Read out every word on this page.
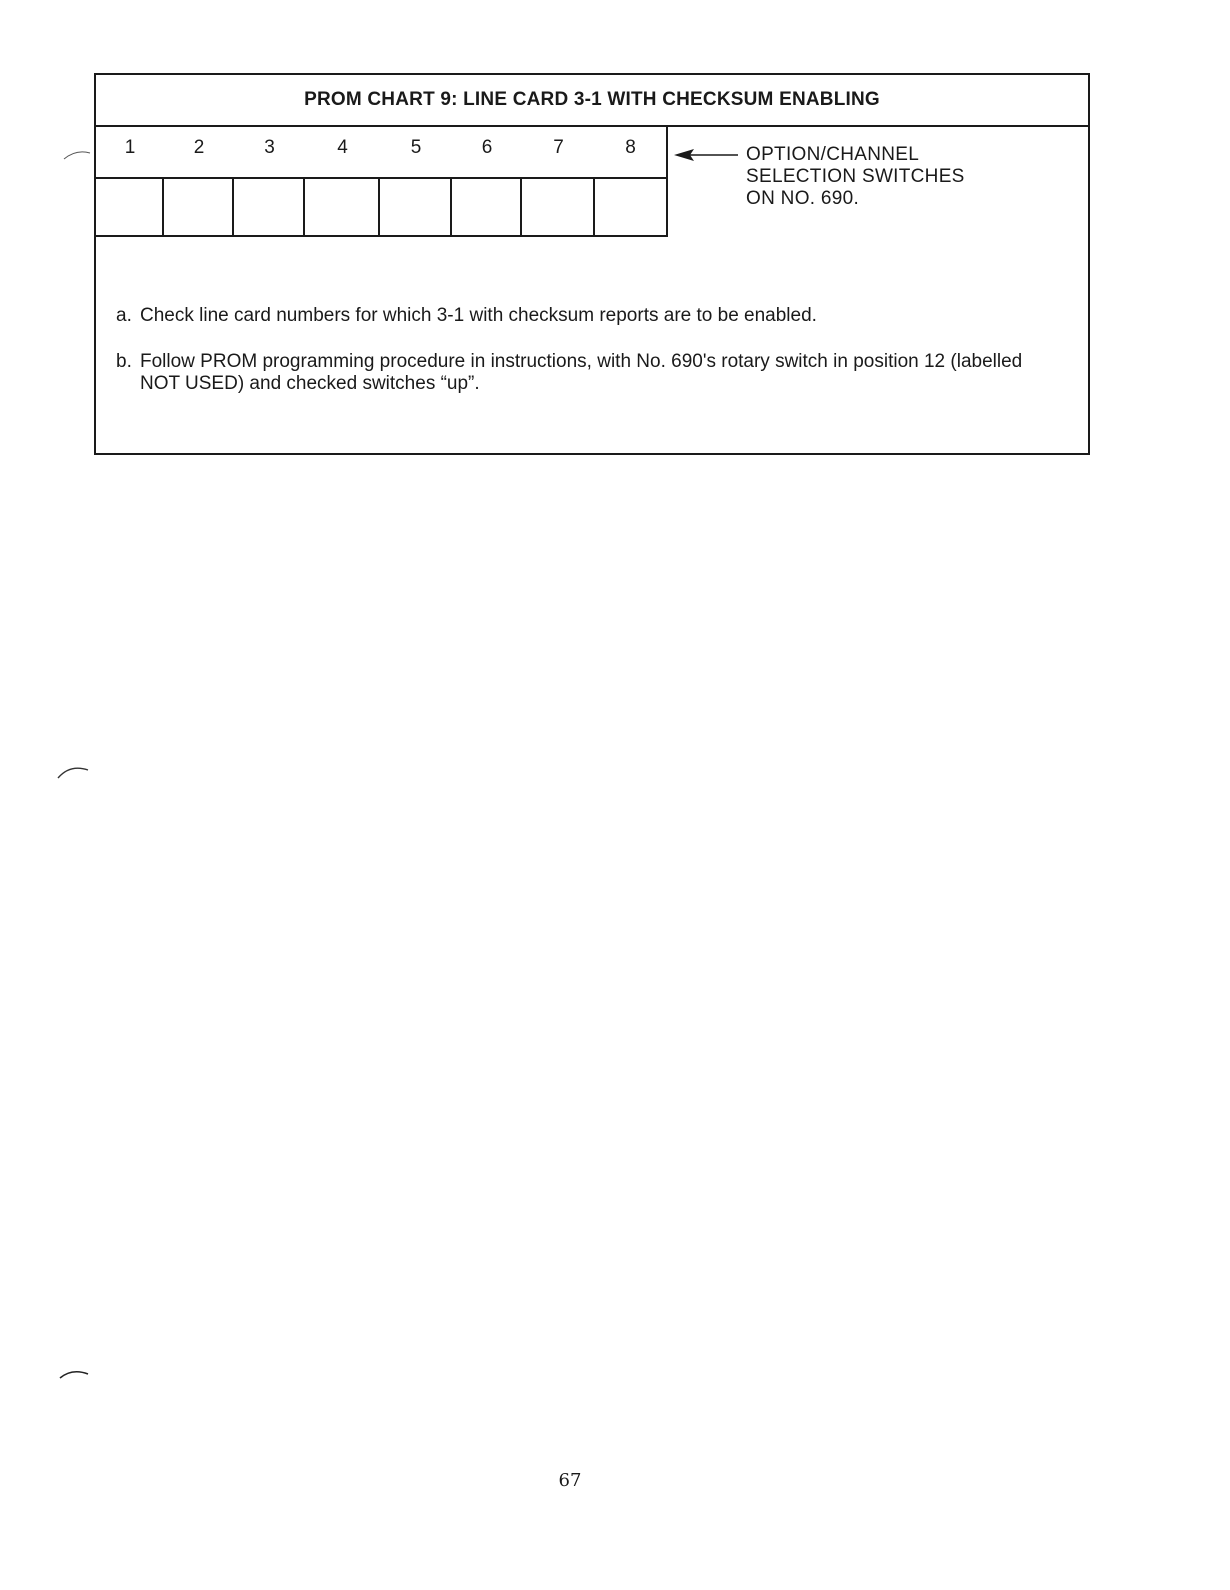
PROM CHART 9: LINE CARD 3-1 WITH CHECKSUM ENABLING
1	2	3	4	5	6	7	8	OPTION/CHANNEL
SELECTION SWITCHES
ON NO. 690.
a. Check line card numbers for which 3-1 with checksum reports are to be enabled.
b. Follow PROM programming procedure in instructions, with No. 690's rotary switch in position 12 (labelled NOT USED) and checked switches “up”.
67
